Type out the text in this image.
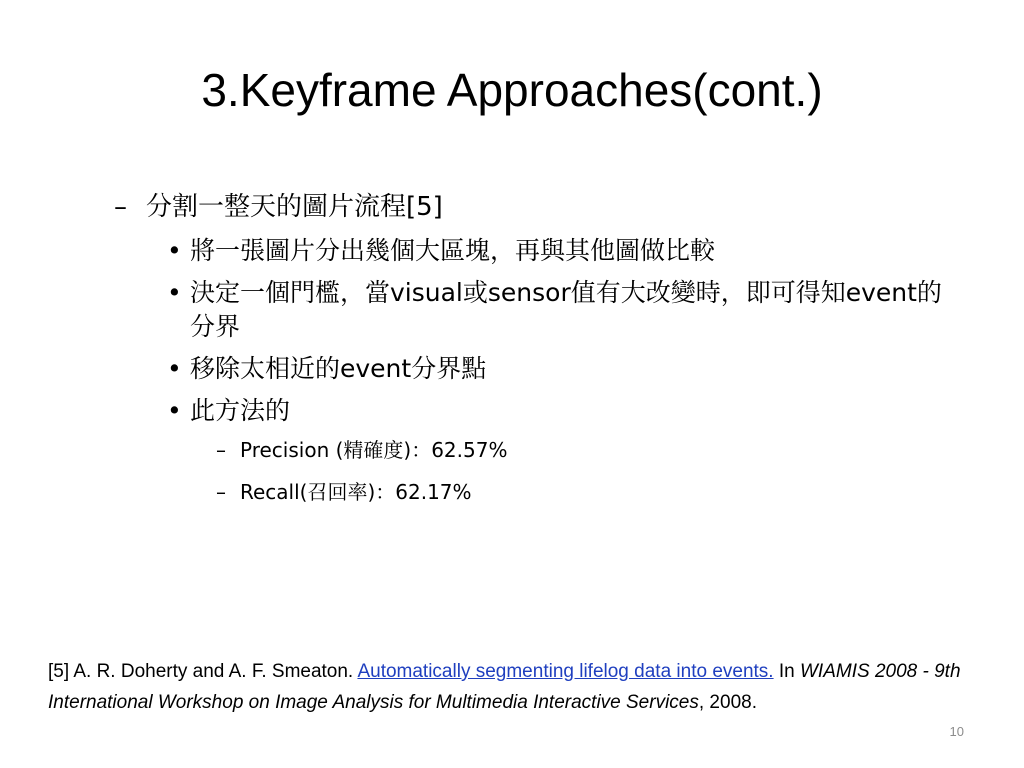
3.Keyframe Approaches(cont.)
– 分割一整天的圖片流程[5]
• 將一張圖片分出幾個大區塊，再與其他圖做比較
• 決定一個門檻，當visual或sensor值有大改變時，即可得知event的分界
• 移除太相近的event分界點
• 此方法的
– Precision (精確度)：62.57%
– Recall(召回率)：62.17%
[5] A. R. Doherty and A. F. Smeaton. Automatically segmenting lifelog data into events. In WIAMIS 2008 - 9th International Workshop on Image Analysis for Multimedia Interactive Services, 2008.
10
